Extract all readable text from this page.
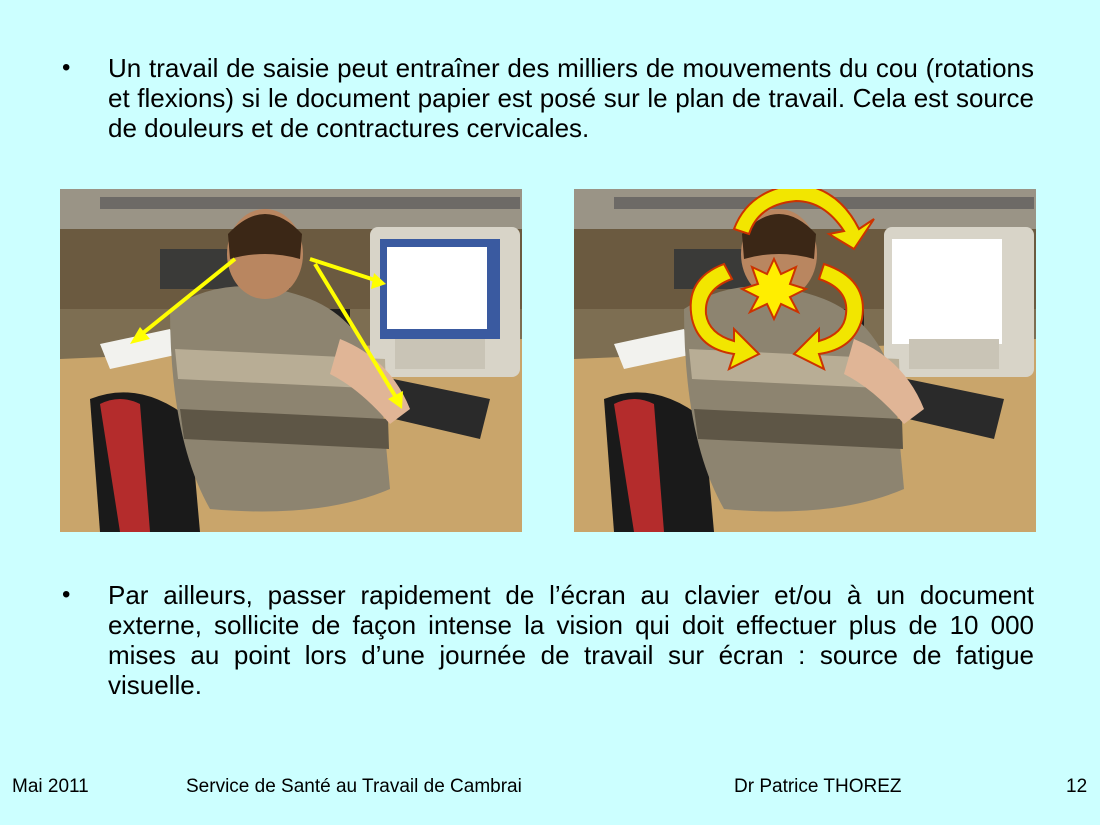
• Un travail de saisie peut entraîner des milliers de mouvements du cou (rotations et flexions) si le document papier est posé sur le plan de travail. Cela est source de douleurs et de contractures cervicales.
• Par ailleurs, passer rapidement de l’écran au clavier et/ou à un document externe, sollicite de façon intense la vision qui doit effectuer plus de 10 000 mises au point lors d’une journée de travail sur écran : source de fatigue visuelle.
Mai 2011	Service de Santé au Travail de Cambrai	Dr Patrice THOREZ	12
